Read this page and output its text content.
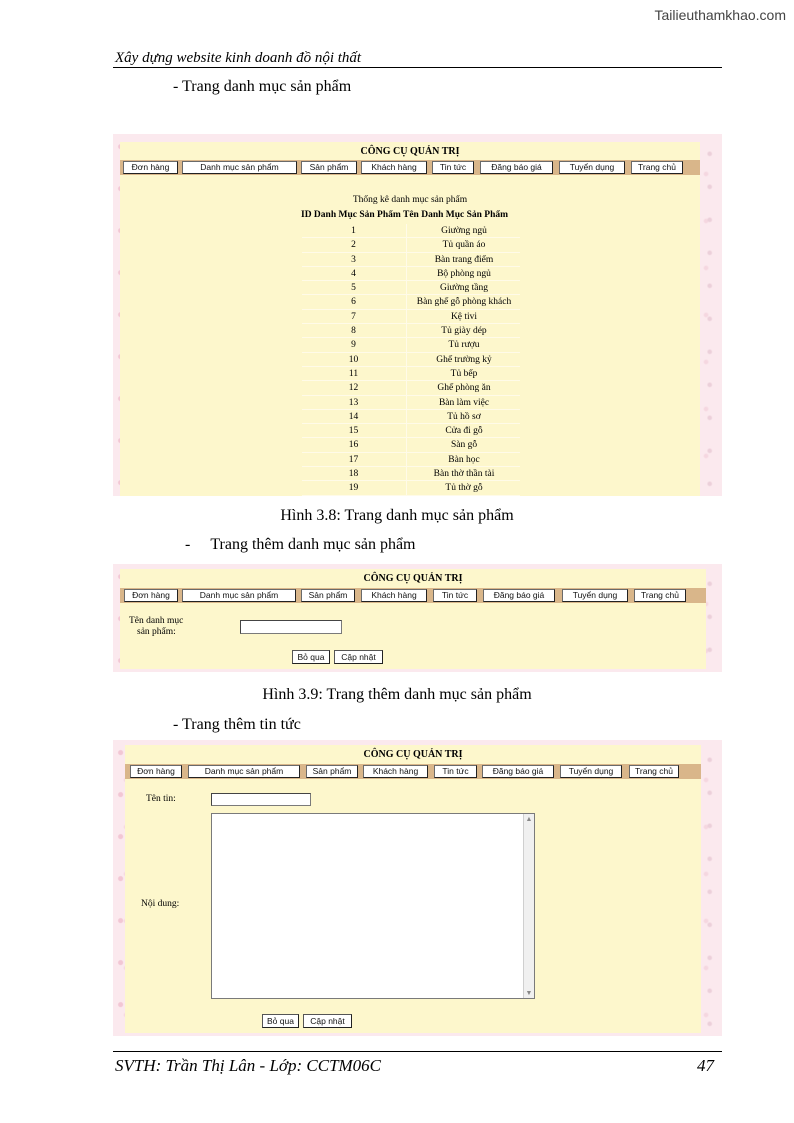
Tailieuthamkhao.com
Xây dựng website kinh doanh đồ nội thất
- Trang danh mục sản phẩm
CÔNG CỤ QUẢN TRỊ
Đơn hàng	Danh mục sản phẩm	Sản phẩm	Khách hàng	Tin tức	Đăng báo giá	Tuyển dụng	Trang chủ
Thống kê danh mục sản phẩm
ID Danh Mục Sản Phẩm Tên Danh Mục Sản Phẩm
1	Giường ngủ
2	Tủ quần áo
3	Bàn trang điểm
4	Bộ phòng ngủ
5	Giường tầng
6	Bàn ghế gỗ phòng khách
7	Kệ tivi
8	Tủ giày dép
9	Tủ rượu
10	Ghế trường kỷ
11	Tủ bếp
12	Ghế phòng ăn
13	Bàn làm việc
14	Tủ hồ sơ
15	Cửa đi gỗ
16	Sàn gỗ
17	Bàn học
18	Bàn thờ thần tài
19	Tủ thờ gỗ
Hình 3.8: Trang danh mục sản phẩm
- Trang thêm danh mục sản phẩm
CÔNG CỤ QUẢN TRỊ
Đơn hàng	Danh mục sản phẩm	Sản phẩm	Khách hàng	Tin tức	Đăng báo giá	Tuyển dụng	Trang chủ
Tên danh mục
sản phẩm:
Bỏ qua	Cập nhật
Hình 3.9: Trang thêm danh mục sản phẩm
- Trang thêm tin tức
CÔNG CỤ QUẢN TRỊ
Đơn hàng	Danh mục sản phẩm	Sản phẩm	Khách hàng	Tin tức	Đăng báo giá	Tuyển dụng	Trang chủ
Tên tin:
Nội dung:
▲
▼
Bỏ qua	Cập nhật
SVTH: Trần Thị Lân - Lớp: CCTM06C	47
